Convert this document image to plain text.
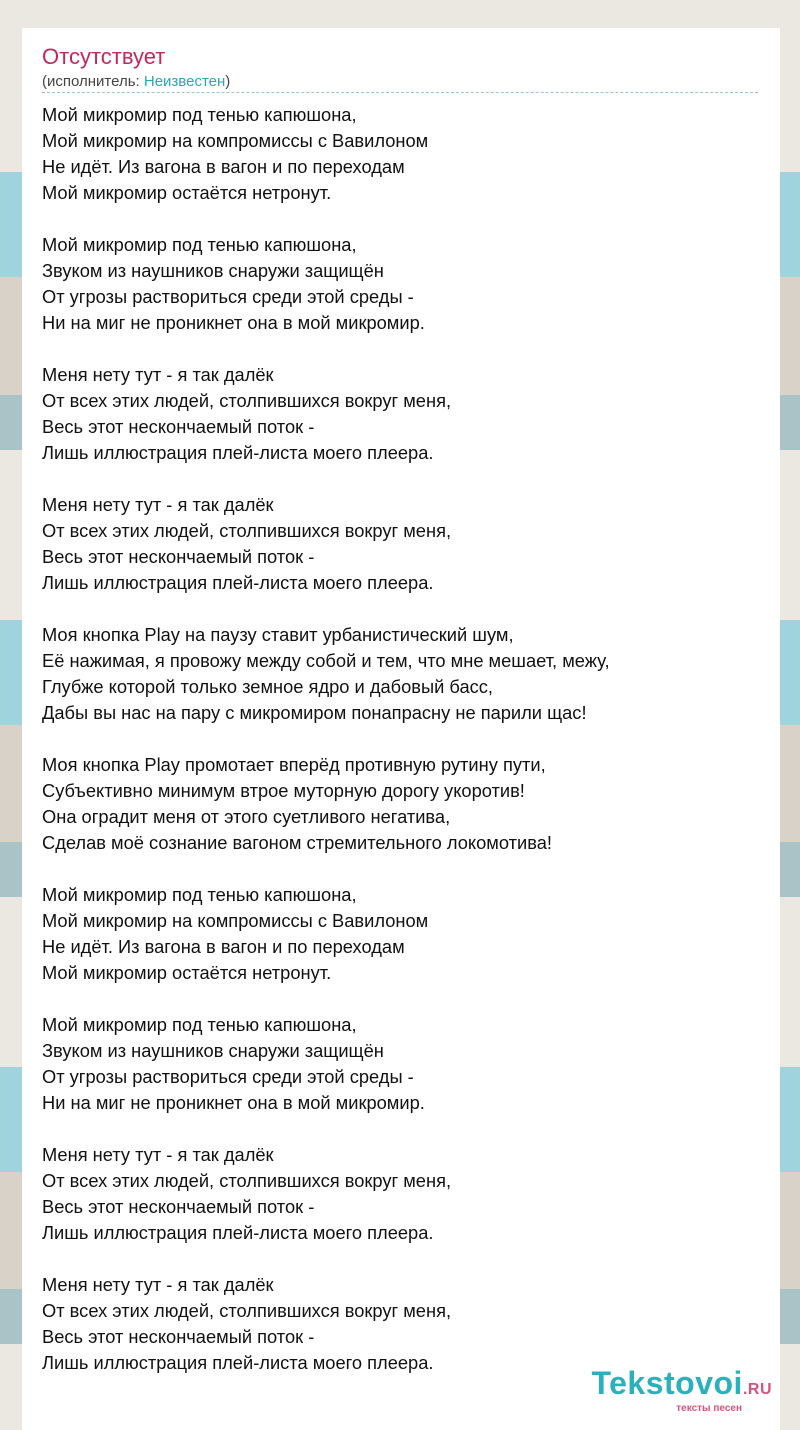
Отсутствует
(исполнитель: Неизвестен)
Мой микромир под тенью капюшона,
Мой микромир на компромиссы с Вавилоном
Не идёт. Из вагона в вагон и по переходам
Мой микромир остаётся нетронут.
Мой микромир под тенью капюшона,
Звуком из наушников снаружи защищён
От угрозы раствориться среди этой среды -
Ни на миг не проникнет она в мой микромир.
Меня нету тут - я так далёк
От всех этих людей, столпившихся вокруг меня,
Весь этот нескончаемый поток -
Лишь иллюстрация плей-листа моего плеера.
Меня нету тут - я так далёк
От всех этих людей, столпившихся вокруг меня,
Весь этот нескончаемый поток -
Лишь иллюстрация плей-листа моего плеера.
Моя кнопка Play на паузу ставит урбанистический шум,
Её нажимая, я провожу между собой и тем, что мне мешает, межу,
Глубже которой только земное ядро и дабовый басс,
Дабы вы нас на пару с микромиром понапрасну не парили щас!
Моя кнопка Play промотает вперёд противную рутину пути,
Субъективно минимум втрое муторную дорогу укоротив!
Она оградит меня от этого суетливого негатива,
Сделав моё сознание вагоном стремительного локомотива!
Мой микромир под тенью капюшона,
Мой микромир на компромиссы с Вавилоном
Не идёт. Из вагона в вагон и по переходам
Мой микромир остаётся нетронут.
Мой микромир под тенью капюшона,
Звуком из наушников снаружи защищён
От угрозы раствориться среди этой среды -
Ни на миг не проникнет она в мой микромир.
Меня нету тут - я так далёк
От всех этих людей, столпившихся вокруг меня,
Весь этот нескончаемый поток -
Лишь иллюстрация плей-листа моего плеера.
Меня нету тут - я так далёк
От всех этих людей, столпившихся вокруг меня,
Весь этот нескончаемый поток -
Лишь иллюстрация плей-листа моего плеера.
Tekstovoi.RU
тексты песен
